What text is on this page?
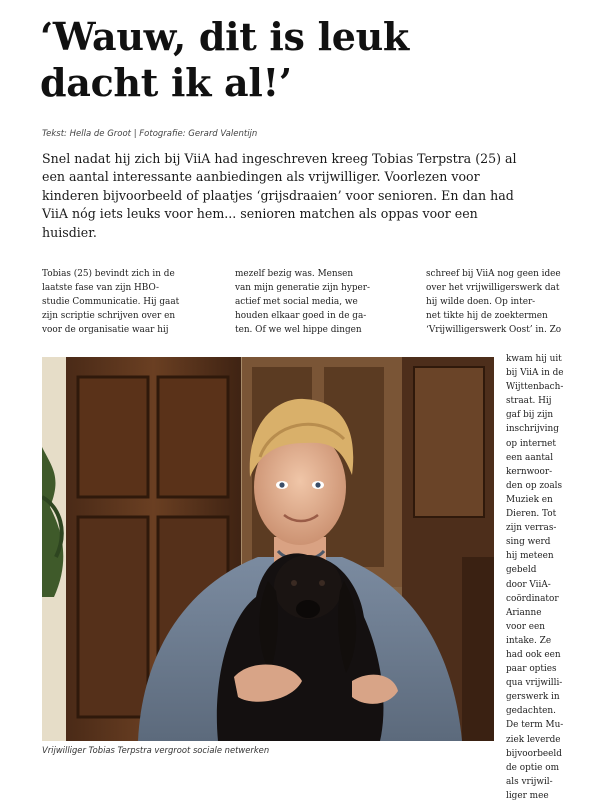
‘Wauw, dit is leuk
dacht ik al!’
Tekst: Hella de Groot | Fotografie: Gerard Valentijn
Snel nadat hij zich bij ViiA had ingeschreven kreeg Tobias Terpstra (25) al
een aantal interessante aanbiedingen als vrijwilliger. Voorlezen voor
kinderen bijvoorbeeld of plaatjes ‘grijsdraaien’ voor senioren. En dan had
ViiA nóg iets leuks voor hem... senioren matchen als oppas voor een
huisdier.
Tobias (25) bevindt zich in de
laatste fase van zijn HBO-
studie Communicatie. Hij gaat
zijn scriptie schrijven over en
voor de organisatie waar hij
mezelf bezig was. Mensen
van mijn generatie zijn hyper-
actief met social media, we
houden elkaar goed in de ga-
ten. Of we wel hippe dingen
schreef bij ViiA nog geen idee
over het vrijwilligerswerk dat
hij wilde doen. Op inter-
net tikte hij de zoektermen
‘Vrijwilligerswerk Oost’ in. Zo
kwam hij uit
bij ViiA in de
Wijttenbach-
straat. Hij
gaf bij zijn
inschrijving
op internet
een aantal
kernwoor-
den op zoals
Muziek en
Dieren. Tot
zijn verras-
sing werd
hij meteen
gebeld
door ViiA-
coördinator
Arianne
voor een
intake. Ze
had ook een
paar opties
qua vrijwilli-
gerswerk in
gedachten.
De term Mu-
ziek leverde
bijvoorbeeld
de optie om
als vrijwil-
liger mee
Vrijwilliger Tobias Terpstra vergroot sociale netwerken
